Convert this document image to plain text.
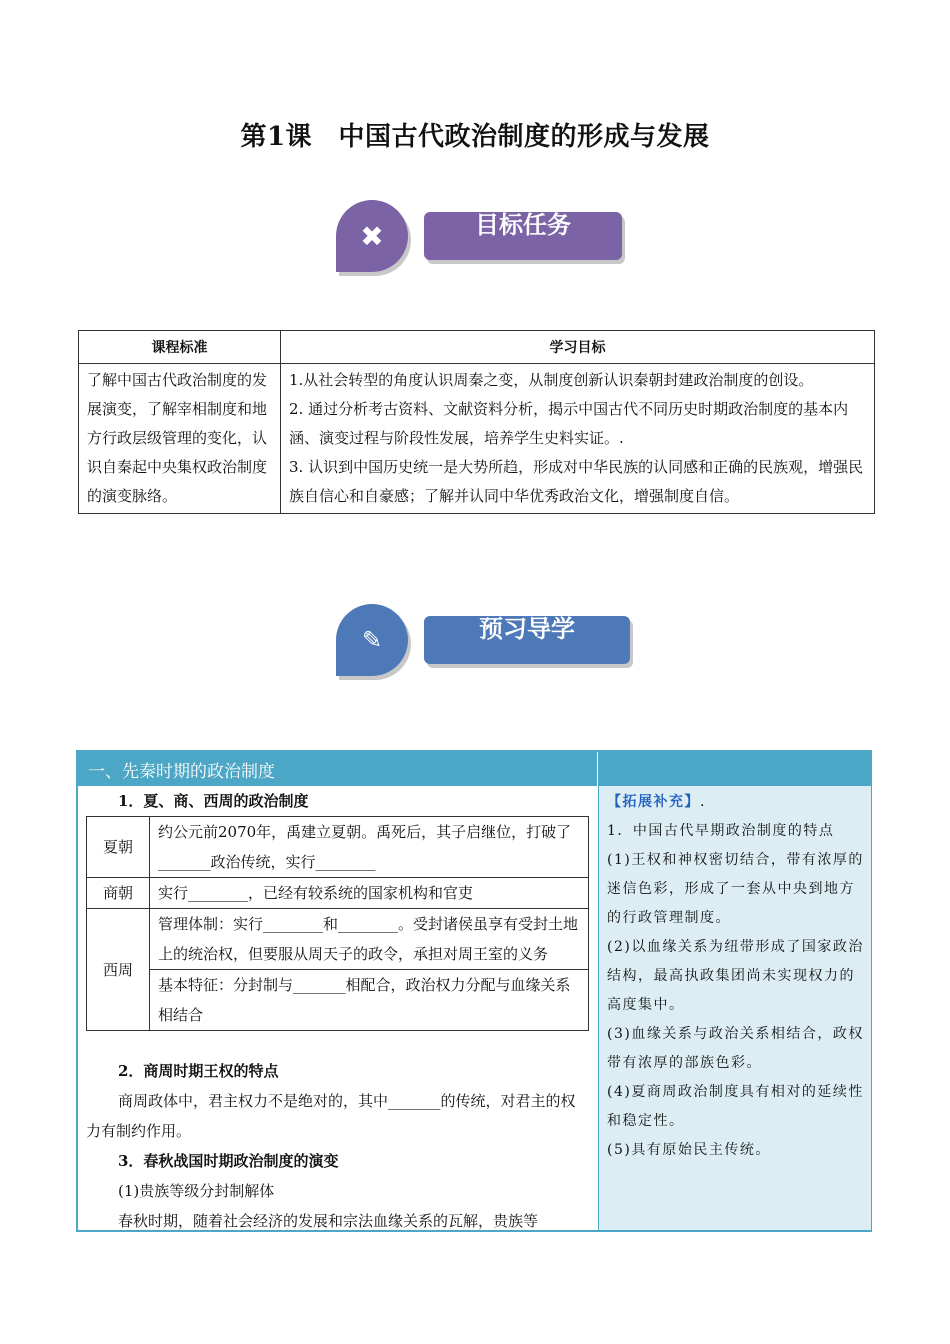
第1课　中国古代政治制度的形成与发展
✖	目标任务
课程标准	学习目标
了解中国古代政治制度的发展演变，了解宰相制度和地方行政层级管理的变化，认识自秦起中央集权政治制度的演变脉络。	1.从社会转型的角度认识周秦之变，从制度创新认识秦朝封建政治制度的创设。
2. 通过分析考古资料、文献资料分析，揭示中国古代不同历史时期政治制度的基本内涵、演变过程与阶段性发展，培养学生史料实证。.
3. 认识到中国历史统一是大势所趋，形成对中华民族的认同感和正确的民族观，增强民族自信心和自豪感；了解并认同中华优秀政治文化，增强制度自信。
✎	预习导学
一、先秦时期的政治制度
1．夏、商、西周的政治制度
夏朝	约公元前2070年，禹建立夏朝。禹死后，其子启继位，打破了_______政治传统，实行________
商朝	实行________，已经有较系统的国家机构和官吏
西周	管理体制：实行________和________。受封诸侯虽享有受封土地上的统治权，但要服从周天子的政令，承担对周王室的义务
	基本特征：分封制与_______相配合，政治权力分配与血缘关系相结合
2．商周时期王权的特点
商周政体中，君主权力不是绝对的，其中_______的传统，对君主的权力有制约作用。
3．春秋战国时期政治制度的演变
(1)贵族等级分封制解体
春秋时期，随着社会经济的发展和宗法血缘关系的瓦解，贵族等
【拓展补充】.
1．中国古代早期政治制度的特点
(1)王权和神权密切结合，带有浓厚的迷信色彩，形成了一套从中央到地方的行政管理制度。
(2)以血缘关系为纽带形成了国家政治结构，最高执政集团尚未实现权力的高度集中。
(3)血缘关系与政治关系相结合，政权带有浓厚的部族色彩。
(4)夏商周政治制度具有相对的延续性和稳定性。
(5)具有原始民主传统。
